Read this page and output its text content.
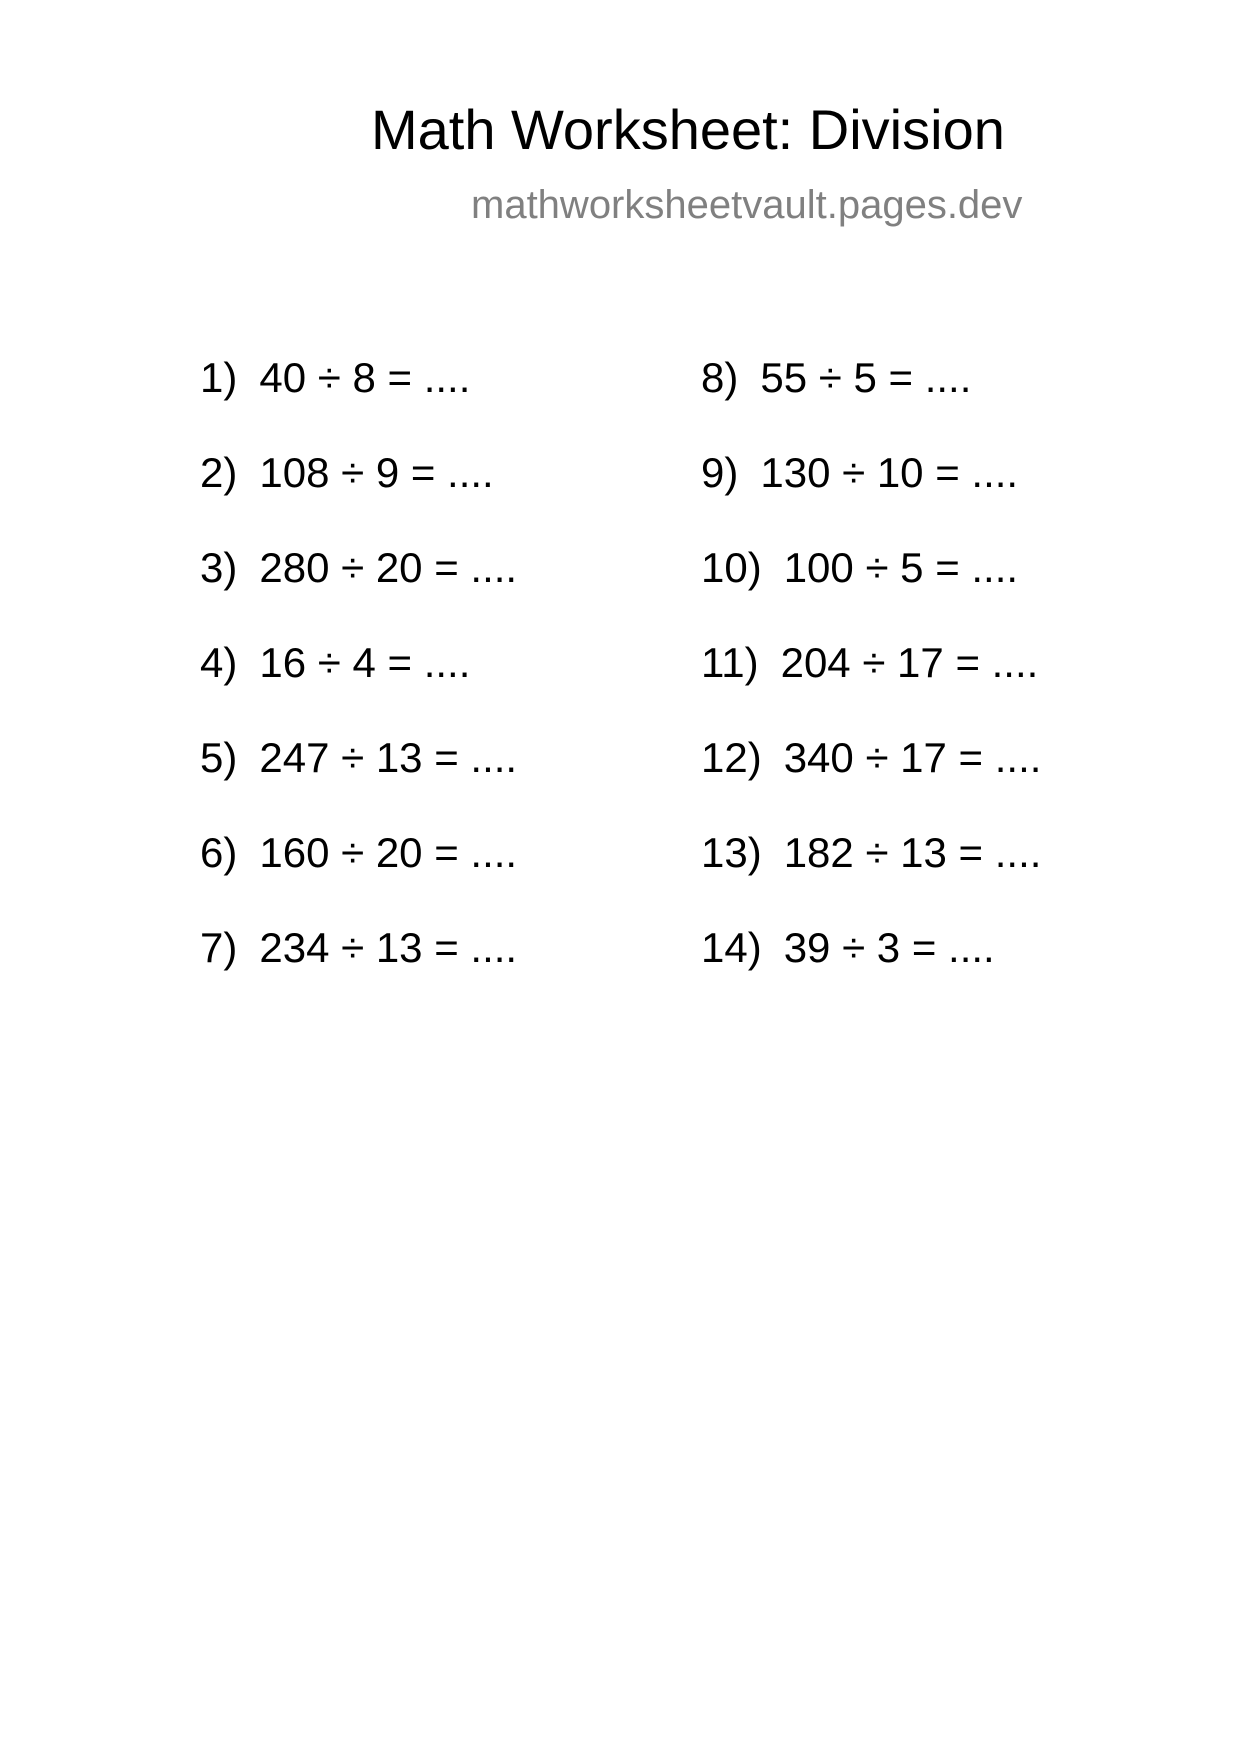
Math Worksheet: Division
mathworksheetvault.pages.dev
1) 40 ÷ 8 = ....
2) 108 ÷ 9 = ....
3) 280 ÷ 20 = ....
4) 16 ÷ 4 = ....
5) 247 ÷ 13 = ....
6) 160 ÷ 20 = ....
7) 234 ÷ 13 = ....
8) 55 ÷ 5 = ....
9) 130 ÷ 10 = ....
10) 100 ÷ 5 = ....
11) 204 ÷ 17 = ....
12) 340 ÷ 17 = ....
13) 182 ÷ 13 = ....
14) 39 ÷ 3 = ....
